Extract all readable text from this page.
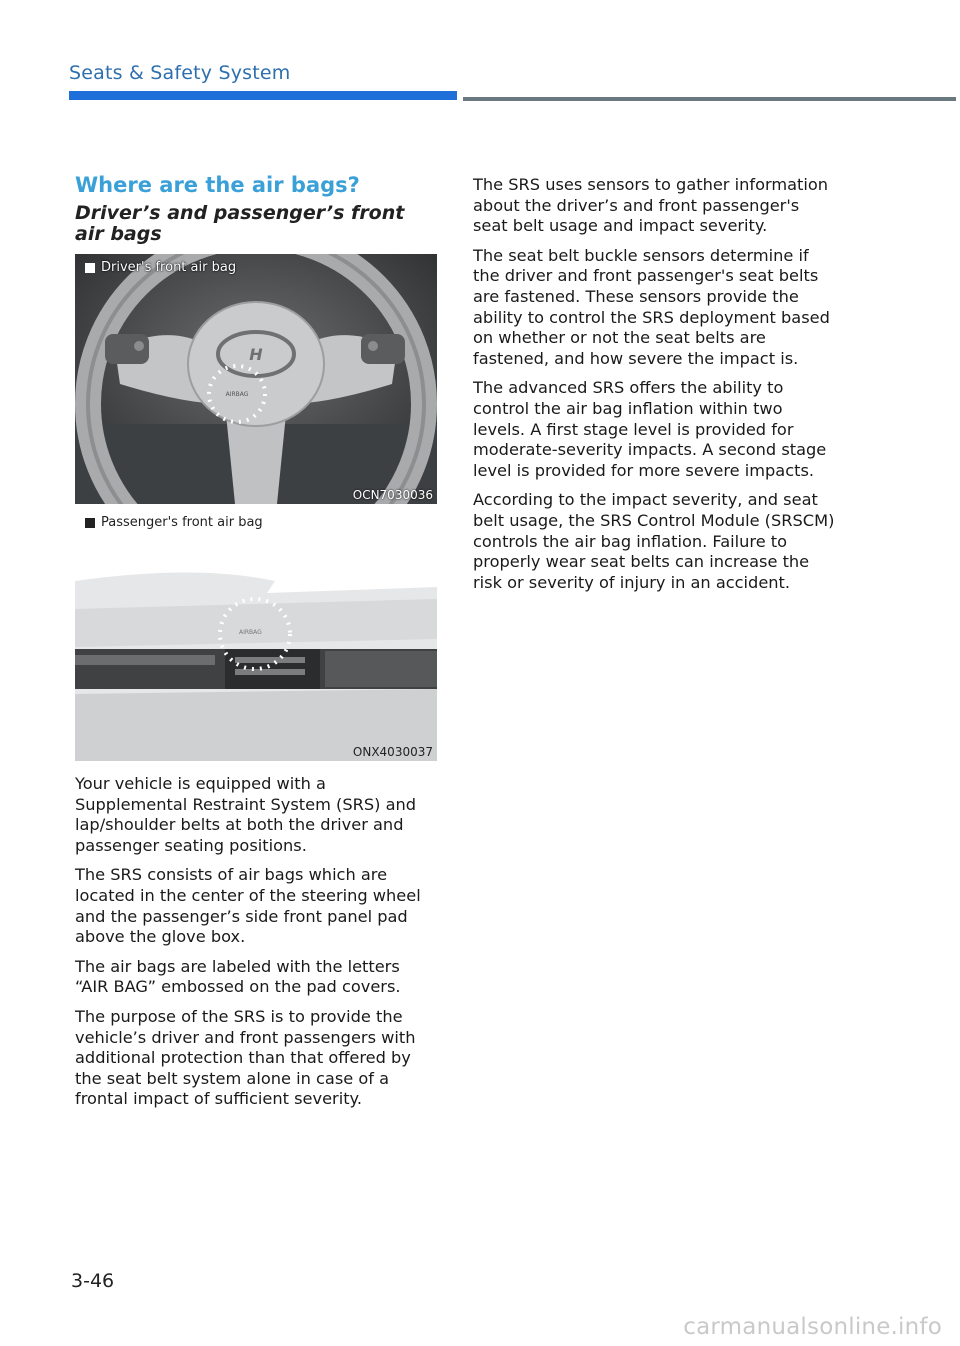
Seats & Safety System
Where are the air bags?
Driver’s and passenger’s front air bags
H
AIRBAG
Driver's front air bag
OCN7030036
AIRBAG
Passenger's front air bag
ONX4030037

Your vehicle is equipped with a Supplemental Restraint System (SRS) and lap/shoulder belts at both the driver and passenger seating positions.

The SRS consists of air bags which are located in the center of the steering wheel and the passenger’s side front panel pad above the glove box.

The air bags are labeled with the letters “AIR BAG” embossed on the pad covers.

The purpose of the SRS is to provide the vehicle’s driver and front passengers with additional protection than that offered by the seat belt system alone in case of a frontal impact of sufficient severity.

The SRS uses sensors to gather information about the driver’s and front passenger's seat belt usage and impact severity.

The seat belt buckle sensors determine if the driver and front passenger's seat belts are fastened. These sensors provide the ability to control the SRS deployment based on whether or not the seat belts are fastened, and how severe the impact is.

The advanced SRS offers the ability to control the air bag inflation within two levels. A first stage level is provided for moderate-severity impacts. A second stage level is provided for more severe impacts.

According to the impact severity, and seat belt usage, the SRS Control Module (SRSCM) controls the air bag inflation. Failure to properly wear seat belts can increase the risk or severity of injury in an accident.

3-46
carmanualsonline.info
